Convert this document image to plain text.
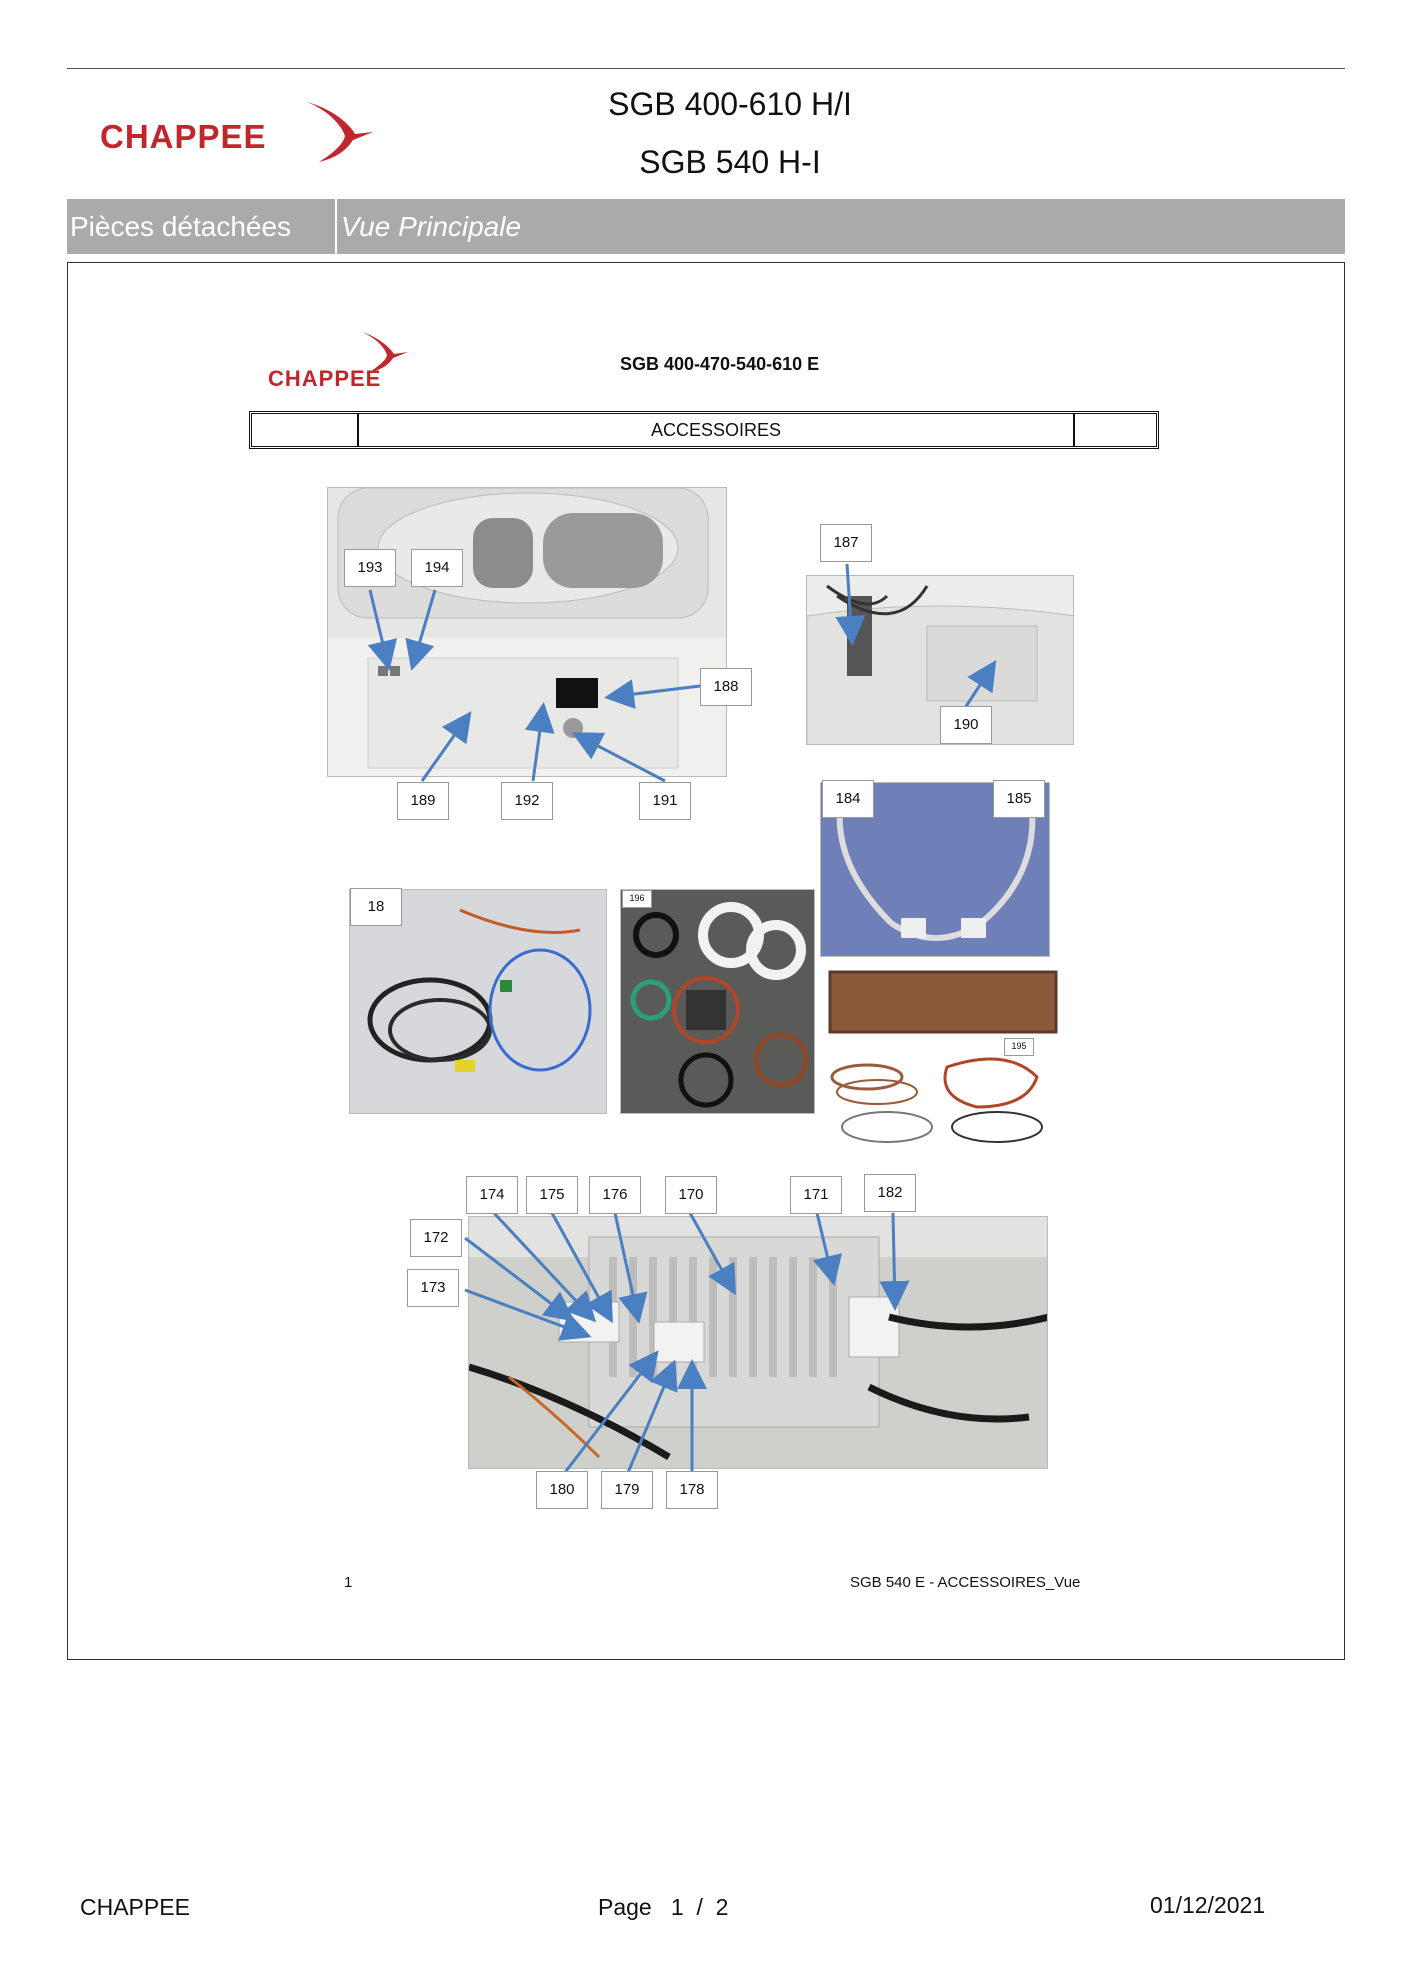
CHAPPEE
SGB 400-610 H/I
SGB 540 H-I
Pièces détachées	Vue Principale
CHAPPEE
SGB 400-470-540-610 E
ACCESSOIRES
193	194
188
189	192	191
187
190
184	185
18	196
195
174	175	176	170	171	182
172
173
180	179	178
1	SGB 540 E - ACCESSOIRES_Vue
CHAPPEE	Page   1  /  2	01/12/2021
